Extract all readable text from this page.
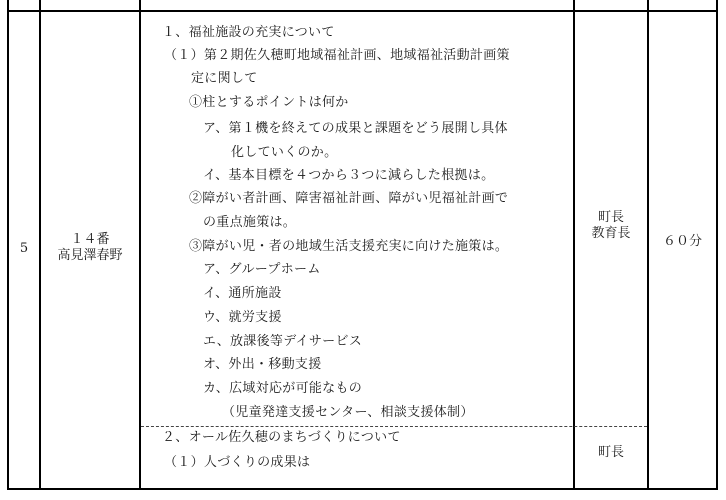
5
１４番
高見澤春野
町長
教育長
６０分
町長
１、福祉施設の充実について
（１）第２期佐久穂町地域福祉計画、地域福祉活動計画策
定に関して
①柱とするポイントは何か
ア、第１機を終えての成果と課題をどう展開し具体
化していくのか。
イ、基本目標を４つから３つに減らした根拠は。
②障がい者計画、障害福祉計画、障がい児福祉計画で
の重点施策は。
③障がい児・者の地域生活支援充実に向けた施策は。
ア、グループホーム
イ、通所施設
ウ、就労支援
エ、放課後等デイサービス
オ、外出・移動支援
カ、広域対応が可能なもの
（児童発達支援センター、相談支援体制）
２、オール佐久穂のまちづくりについて
（１）人づくりの成果は
